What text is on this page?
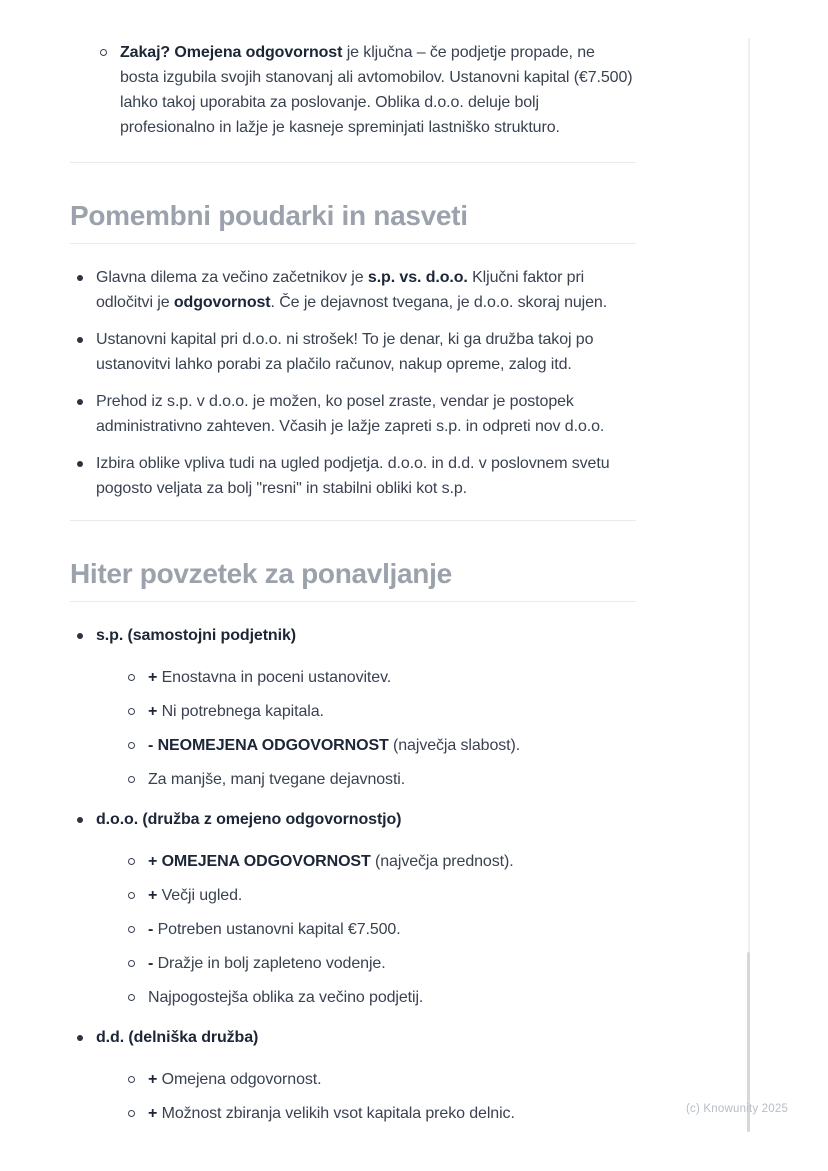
Zakaj? Omejena odgovornost je ključna – če podjetje propade, ne bosta izgubila svojih stanovanj ali avtomobilov. Ustanovni kapital (€7.500) lahko takoj uporabita za poslovanje. Oblika d.o.o. deluje bolj profesionalno in lažje je kasneje spreminjati lastniško strukturo.
Pomembni poudarki in nasveti
Glavna dilema za večino začetnikov je s.p. vs. d.o.o. Ključni faktor pri odločitvi je odgovornost. Če je dejavnost tvegana, je d.o.o. skoraj nujen.
Ustanovni kapital pri d.o.o. ni strošek! To je denar, ki ga družba takoj po ustanovitvi lahko porabi za plačilo računov, nakup opreme, zalog itd.
Prehod iz s.p. v d.o.o. je možen, ko posel zraste, vendar je postopek administrativno zahteven. Včasih je lažje zapreti s.p. in odpreti nov d.o.o.
Izbira oblike vpliva tudi na ugled podjetja. d.o.o. in d.d. v poslovnem svetu pogosto veljata za bolj "resni" in stabilni obliki kot s.p.
Hiter povzetek za ponavljanje
s.p. (samostojni podjetnik)
+ Enostavna in poceni ustanovitev.
+ Ni potrebnega kapitala.
- NEOMEJENA ODGOVORNOST (največja slabost).
Za manjše, manj tvegane dejavnosti.
d.o.o. (družba z omejeno odgovornostjo)
+ OMEJENA ODGOVORNOST (največja prednost).
+ Večji ugled.
- Potreben ustanovni kapital €7.500.
- Dražje in bolj zapleteno vodenje.
Najpogostejša oblika za večino podjetij.
d.d. (delniška družba)
+ Omejena odgovornost.
+ Možnost zbiranja velikih vsot kapitala preko delnic.	(c) Knowunity 2025
